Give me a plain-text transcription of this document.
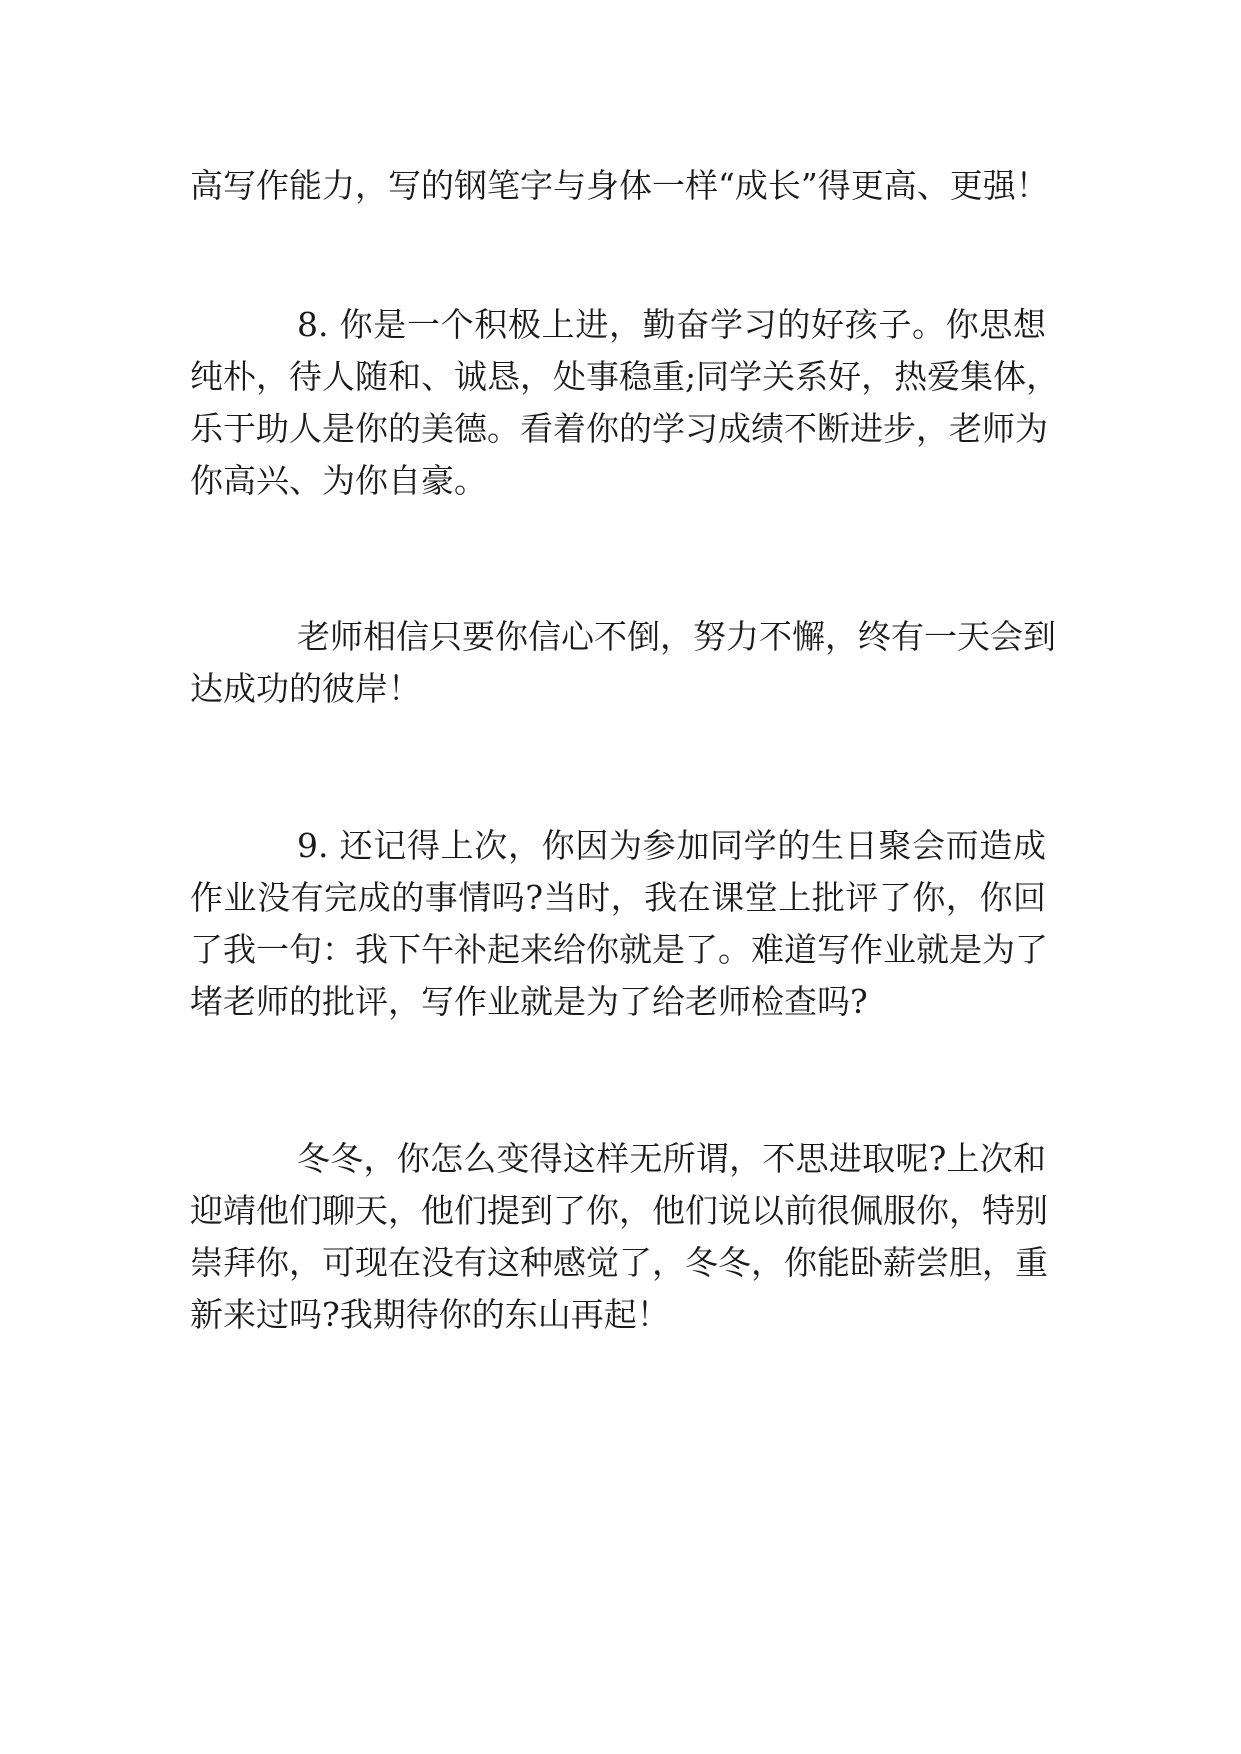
高写作能力，写的钢笔字与身体一样“成长”得更高、更强！

8. 你是一个积极上进，勤奋学习的好孩子。你思想

纯朴，待人随和、诚恳，处事稳重;同学关系好，热爱集体，

乐于助人是你的美德。看着你的学习成绩不断进步，老师为

你高兴、为你自豪。

老师相信只要你信心不倒，努力不懈，终有一天会到

达成功的彼岸！

9. 还记得上次，你因为参加同学的生日聚会而造成

作业没有完成的事情吗?当时，我在课堂上批评了你，你回

了我一句：我下午补起来给你就是了。难道写作业就是为了

堵老师的批评，写作业就是为了给老师检查吗?

冬冬，你怎么变得这样无所谓，不思进取呢?上次和

迎靖他们聊天，他们提到了你，他们说以前很佩服你，特别

崇拜你，可现在没有这种感觉了，冬冬，你能卧薪尝胆，重

新来过吗?我期待你的东山再起！
